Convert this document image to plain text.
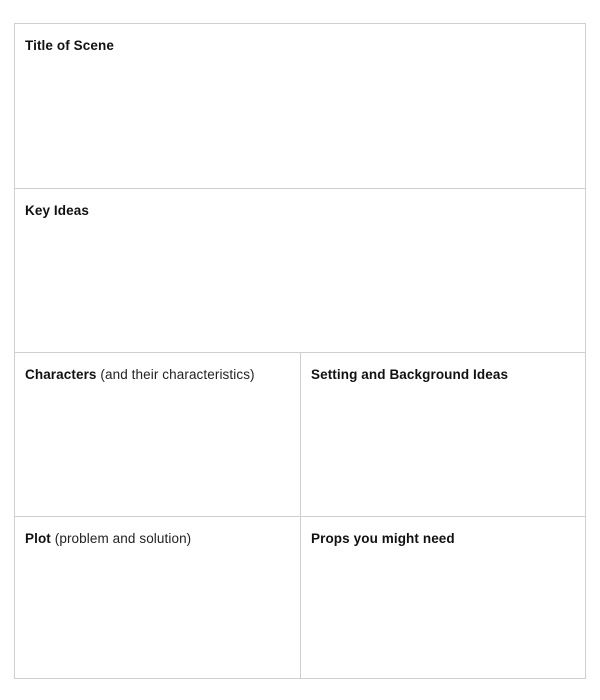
Title of Scene
Key Ideas
Characters (and their characteristics)	Setting and Background Ideas
Plot (problem and solution)	Props you might need
